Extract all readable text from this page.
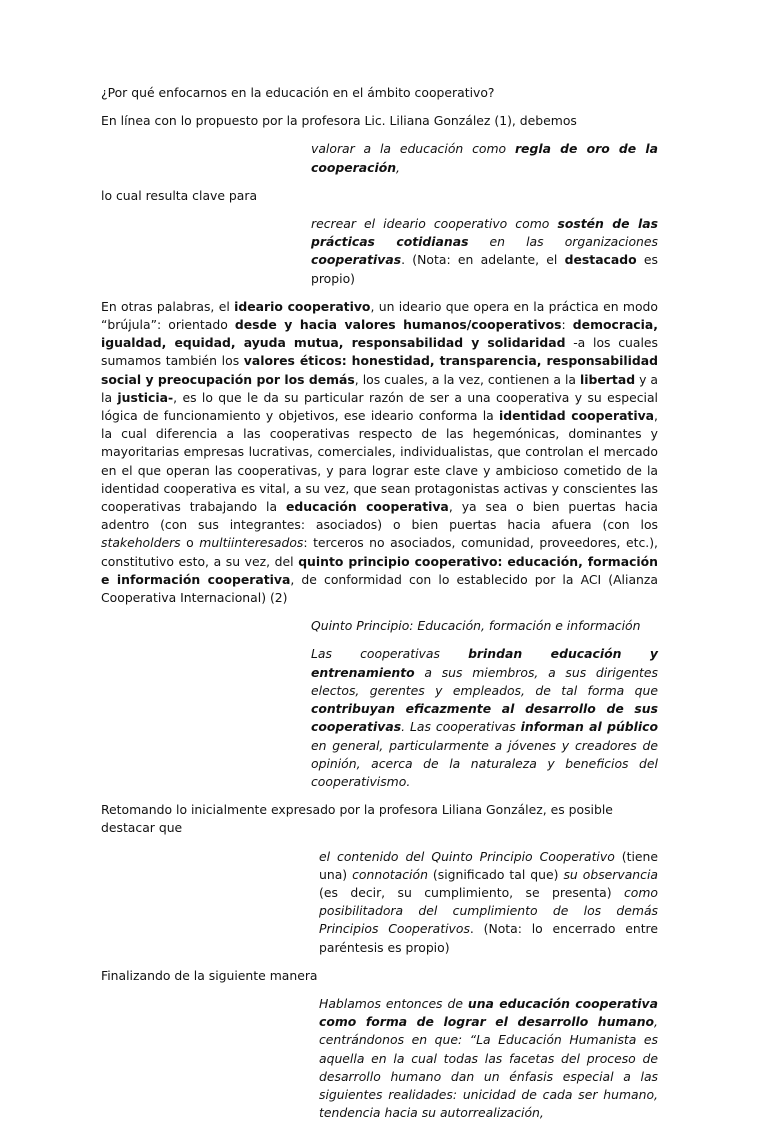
¿Por qué enfocarnos en la educación en el ámbito cooperativo?

En línea con lo propuesto por la profesora Lic. Liliana González (1), debemos

valorar a la educación como regla de oro de la cooperación,

lo cual resulta clave para

recrear el ideario cooperativo como sostén de las prácticas cotidianas en las organizaciones cooperativas. (Nota: en adelante, el destacado es propio)

En otras palabras, el ideario cooperativo, un ideario que opera en la práctica en modo “brújula”: orientado desde y hacia valores humanos/cooperativos: democracia, igualdad, equidad, ayuda mutua, responsabilidad y solidaridad -a los cuales sumamos también los valores éticos: honestidad, transparencia, responsabilidad social y preocupación por los demás, los cuales, a la vez, contienen a la libertad y a la justicia-, es lo que le da su particular razón de ser a una cooperativa y su especial lógica de funcionamiento y objetivos, ese ideario conforma la identidad cooperativa, la cual diferencia a las cooperativas respecto de las hegemónicas, dominantes y mayoritarias empresas lucrativas, comerciales, individualistas, que controlan el mercado en el que operan las cooperativas, y para lograr este clave y ambicioso cometido de la identidad cooperativa es vital, a su vez, que sean protagonistas activas y conscientes las cooperativas trabajando la educación cooperativa, ya sea o bien puertas hacia adentro (con sus integrantes: asociados) o bien puertas hacia afuera (con los stakeholders o multiinteresados: terceros no asociados, comunidad, proveedores, etc.), constitutivo esto, a su vez, del quinto principio cooperativo: educación, formación e información cooperativa, de conformidad con lo establecido por la ACI (Alianza Cooperativa Internacional) (2)

Quinto Principio: Educación, formación e información

Las cooperativas brindan educación y entrenamiento a sus miembros, a sus dirigentes electos, gerentes y empleados, de tal forma que contribuyan eficazmente al desarrollo de sus cooperativas. Las cooperativas informan al público en general, particularmente a jóvenes y creadores de opinión, acerca de la naturaleza y beneficios del cooperativismo.

Retomando lo inicialmente expresado por la profesora Liliana González, es posible destacar que

el contenido del Quinto Principio Cooperativo (tiene una) connotación (significado tal que) su observancia (es decir, su cumplimiento, se presenta) como posibilitadora del cumplimiento de los demás Principios Cooperativos. (Nota: lo encerrado entre paréntesis es propio)

Finalizando de la siguiente manera

Hablamos entonces de una educación cooperativa como forma de lograr el desarrollo humano, centrándonos en que: “La Educación Humanista es aquella en la cual todas las facetas del proceso de desarrollo humano dan un énfasis especial a las siguientes realidades: unicidad de cada ser humano, tendencia hacia su autorrealización,
